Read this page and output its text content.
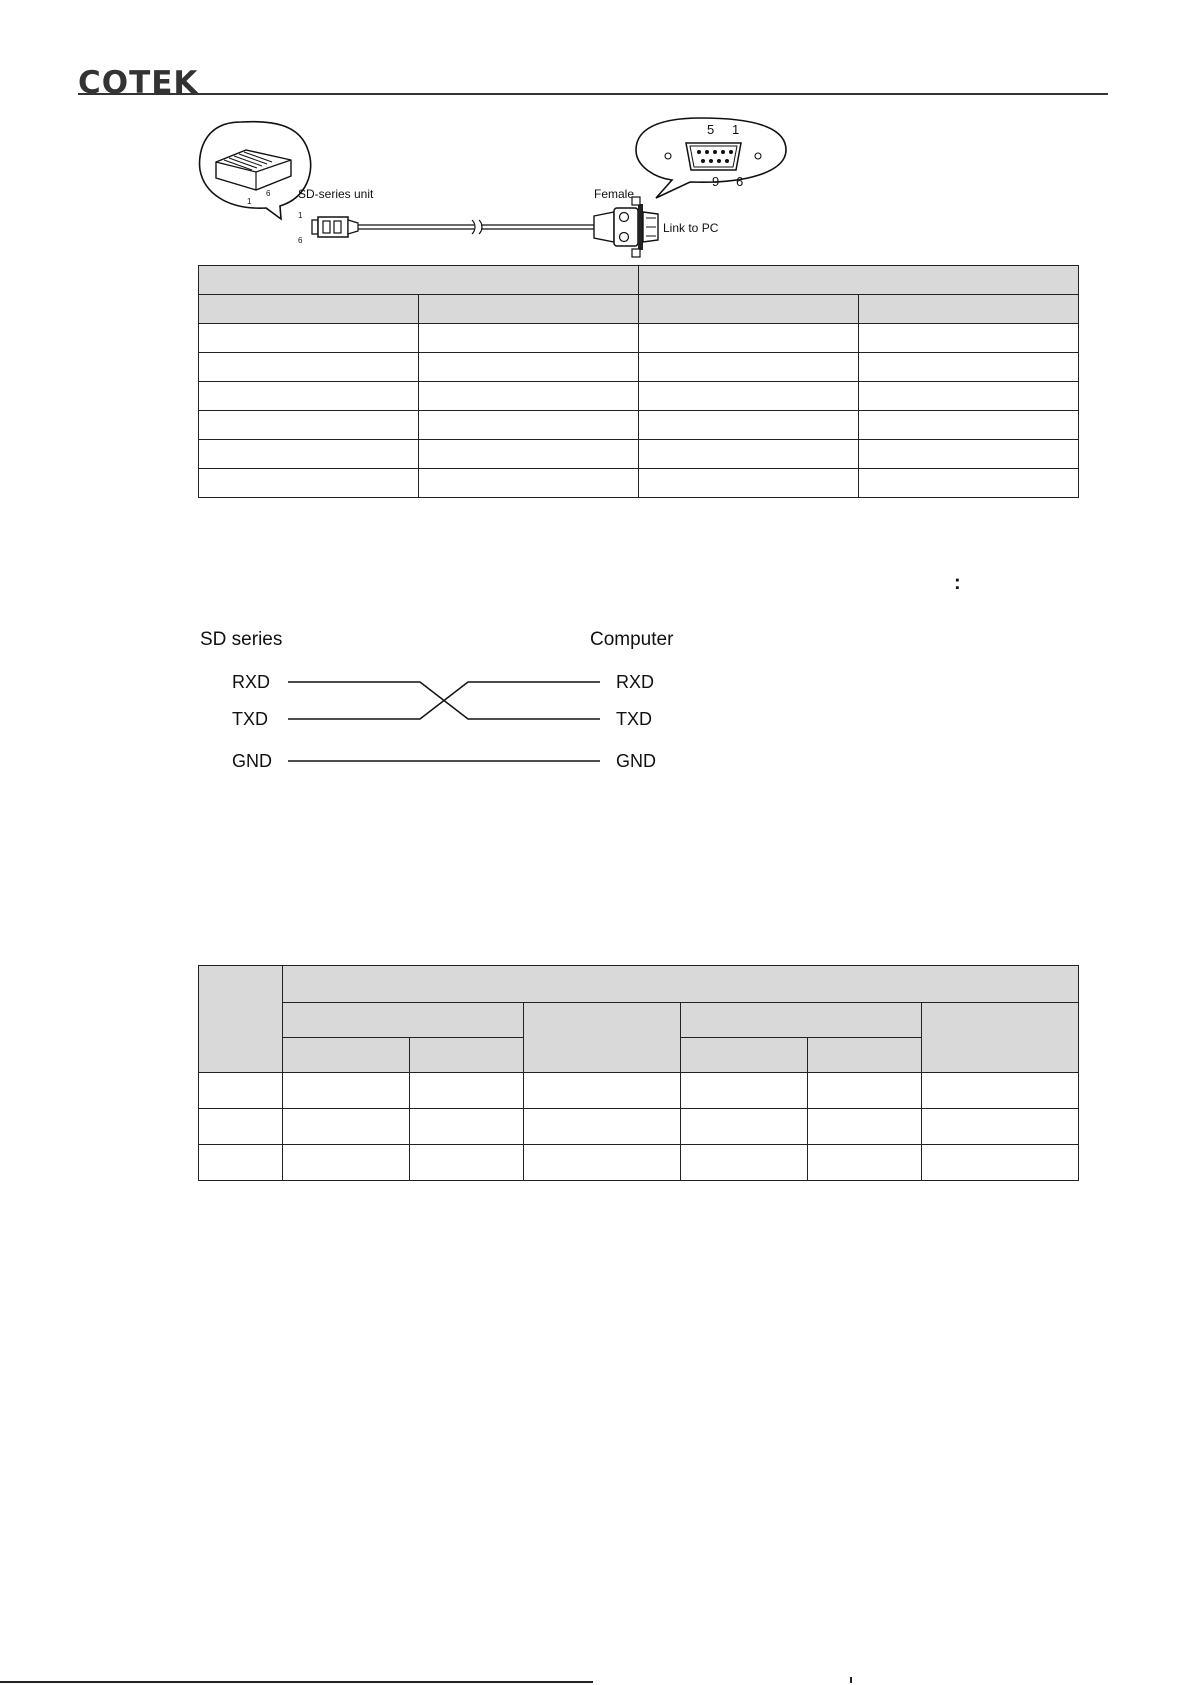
COTEK
1
6 SD-series unit
1
6
Female
Link to PC
5 1
9 6

:
SD series	Computer
RXD
TXD
GND
RXD
TXD
GND
